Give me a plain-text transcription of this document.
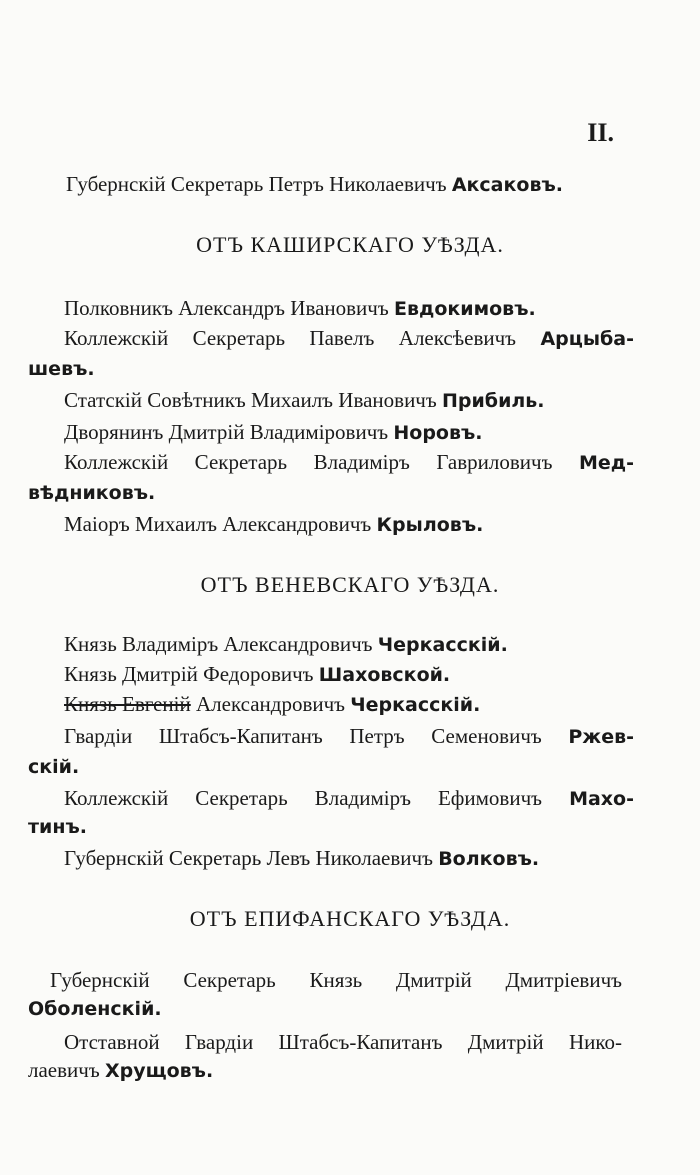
II.
Губернскій Секретарь Петръ Николаевичъ Аксаковъ.
ОТЪ КАШИРСКАГО УѢЗДА.
Полковникъ Александръ Ивановичъ Евдокимовъ.
Коллежскій Секретарь Павелъ Алексѣевичъ Арцыба-
шевъ.
Статскій Совѣтникъ Михаилъ Ивановичъ Прибиль.
Дворянинъ Дмитрій Владиміровичъ Норовъ.
Коллежскій Секретарь Владиміръ Гавриловичъ Мед-
вѣдниковъ.
Маіоръ Михаилъ Александровичъ Крыловъ.
ОТЪ ВЕНЕВСКАГО УѢЗДА.
Князь Владиміръ Александровичъ Черкасскій.
Князь Дмитрій Федоровичъ Шаховской.
Князь Евгеній Александровичъ Черкасскій.
Гвардіи Штабсъ-Капитанъ Петръ Семеновичъ Ржев-
скій.
Коллежскій Секретарь Владиміръ Ефимовичъ Махо-
тинъ.
Губернскій Секретарь Левъ Николаевичъ Волковъ.
ОТЪ ЕПИФАНСКАГО УѢЗДА.
Губернскій Секретарь Князь Дмитрій Дмитріевичъ
Оболенскій.
Отставной Гвардіи Штабсъ-Капитанъ Дмитрій Нико-
лаевичъ Хрущовъ.
